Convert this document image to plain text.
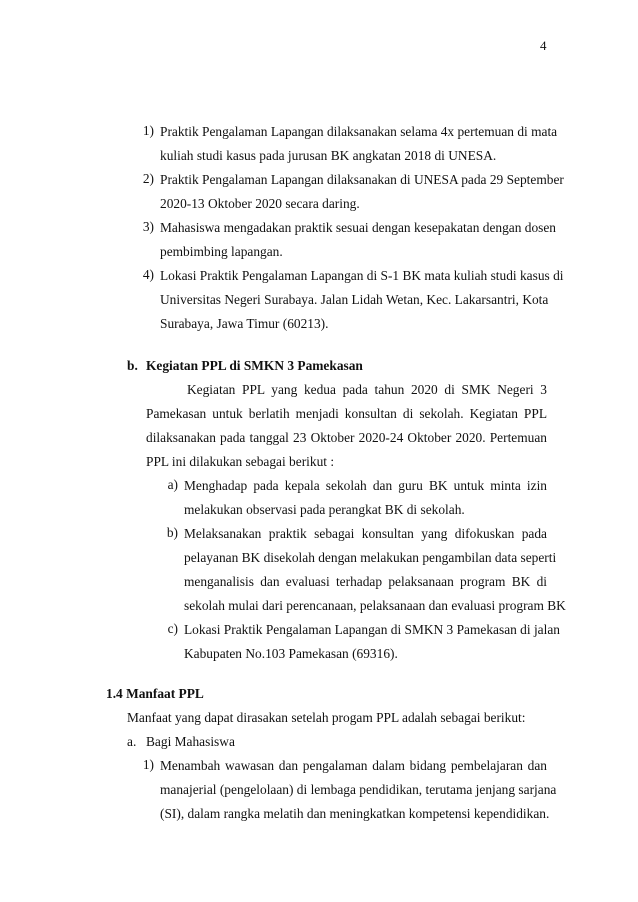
4
1) Praktik Pengalaman Lapangan dilaksanakan selama 4x pertemuan di mata
kuliah studi kasus pada jurusan BK angkatan 2018 di UNESA.
2) Praktik Pengalaman Lapangan dilaksanakan di UNESA pada 29 September
2020-13 Oktober 2020 secara daring.
3) Mahasiswa mengadakan praktik sesuai dengan kesepakatan dengan dosen
pembimbing lapangan.
4) Lokasi Praktik Pengalaman Lapangan di S-1 BK mata kuliah studi kasus di
Universitas Negeri Surabaya. Jalan Lidah Wetan, Kec. Lakarsantri, Kota
Surabaya, Jawa Timur (60213).
b. Kegiatan PPL di SMKN 3 Pamekasan
Kegiatan PPL yang kedua pada tahun 2020 di SMK Negeri 3
Pamekasan untuk berlatih menjadi konsultan di sekolah. Kegiatan PPL
dilaksanakan pada tanggal 23 Oktober 2020-24 Oktober 2020. Pertemuan
PPL ini dilakukan sebagai berikut :
a) Menghadap pada kepala sekolah dan guru BK untuk minta izin
melakukan observasi pada perangkat BK di sekolah.
b) Melaksanakan praktik sebagai konsultan yang difokuskan pada
pelayanan BK disekolah dengan melakukan pengambilan data seperti
menganalisis dan evaluasi terhadap pelaksanaan program BK di
sekolah mulai dari perencanaan, pelaksanaan dan evaluasi program BK
c) Lokasi Praktik Pengalaman Lapangan di SMKN 3 Pamekasan di jalan
Kabupaten No.103 Pamekasan (69316).
1.4 Manfaat PPL
Manfaat yang dapat dirasakan setelah progam PPL adalah sebagai berikut:
a. Bagi Mahasiswa
1) Menambah wawasan dan pengalaman dalam bidang pembelajaran dan
manajerial (pengelolaan) di lembaga pendidikan, terutama jenjang sarjana
(SI), dalam rangka melatih dan meningkatkan kompetensi kependidikan.
